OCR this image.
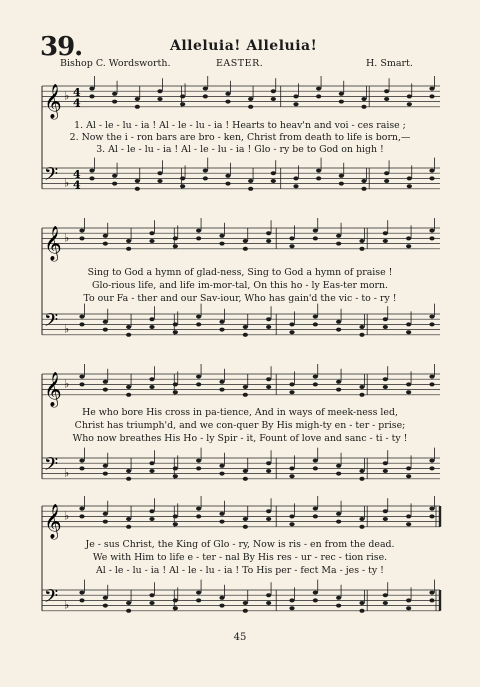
39.	Alleluia! Alleluia!
Bishop C. Wordsworth.	EASTER.	H. Smart.
𝄞 ♭ 4
4
𝄢 ♭
4
4
1. Al - le - lu - ia ! Al - le - lu - ia ! Hearts to heav'n and voi - ces raise ;
2. Now the i - ron bars are bro - ken, Christ from death to life is born,—
3. Al - le - lu - ia ! Al - le - lu - ia ! Glo - ry be to God on high !
𝄞 ♭
𝄢 ♭
Sing to God a hymn of glad-ness, Sing to God a hymn of praise !
Glo-rious life, and life im-mor-tal, On this ho - ly Eas-ter morn.
To our Fa - ther and our Sav-iour, Who has gain'd the vic - to - ry !
𝄞 ♭
𝄢 ♭
He who bore His cross in pa-tience, And in ways of meek-ness led,
Christ has triumph'd, and we con-quer By His migh-ty en - ter - prise;
Who now breathes His Ho - ly Spir - it, Fount of love and sanc - ti - ty !
𝄞 ♭
𝄢 ♭
Je - sus Christ, the King of Glo - ry, Now is ris - en from the dead.
We with Him to life e - ter - nal By His res - ur - rec - tion rise.
Al - le - lu - ia ! Al - le - lu - ia ! To His per - fect Ma - jes - ty !
45
